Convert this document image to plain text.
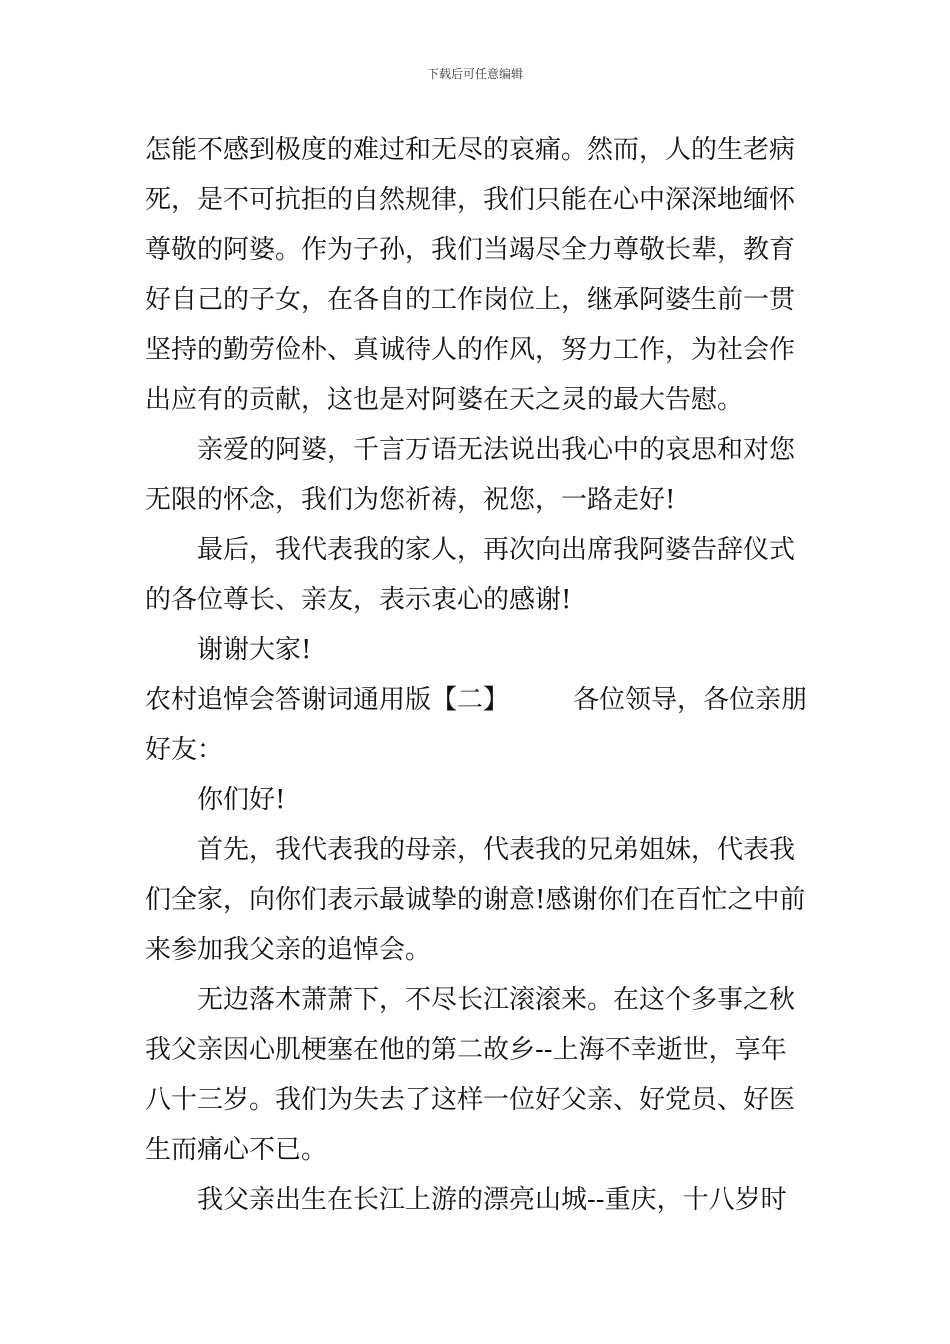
下载后可任意编辑
怎能不感到极度的难过和无尽的哀痛。然而，人的生老病
死，是不可抗拒的自然规律，我们只能在心中深深地缅怀
尊敬的阿婆。作为子孙，我们当竭尽全力尊敬长辈，教育
好自己的子女，在各自的工作岗位上，继承阿婆生前一贯
坚持的勤劳俭朴、真诚待人的作风，努力工作，为社会作
出应有的贡献，这也是对阿婆在天之灵的最大告慰。
亲爱的阿婆，千言万语无法说出我心中的哀思和对您
无限的怀念，我们为您祈祷，祝您，一路走好!
最后，我代表我的家人，再次向出席我阿婆告辞仪式
的各位尊长、亲友，表示衷心的感谢!
谢谢大家!
农村追悼会答谢词通用版【二】 各位领导，各位亲朋
好友：
你们好!
首先，我代表我的母亲，代表我的兄弟姐妹，代表我
们全家，向你们表示最诚挚的谢意!感谢你们在百忙之中前
来参加我父亲的追悼会。
无边落木萧萧下，不尽长江滚滚来。在这个多事之秋
我父亲因心肌梗塞在他的第二故乡--上海不幸逝世，享年
八十三岁。我们为失去了这样一位好父亲、好党员、好医
生而痛心不已。
我父亲出生在长江上游的漂亮山城--重庆，十八岁时
